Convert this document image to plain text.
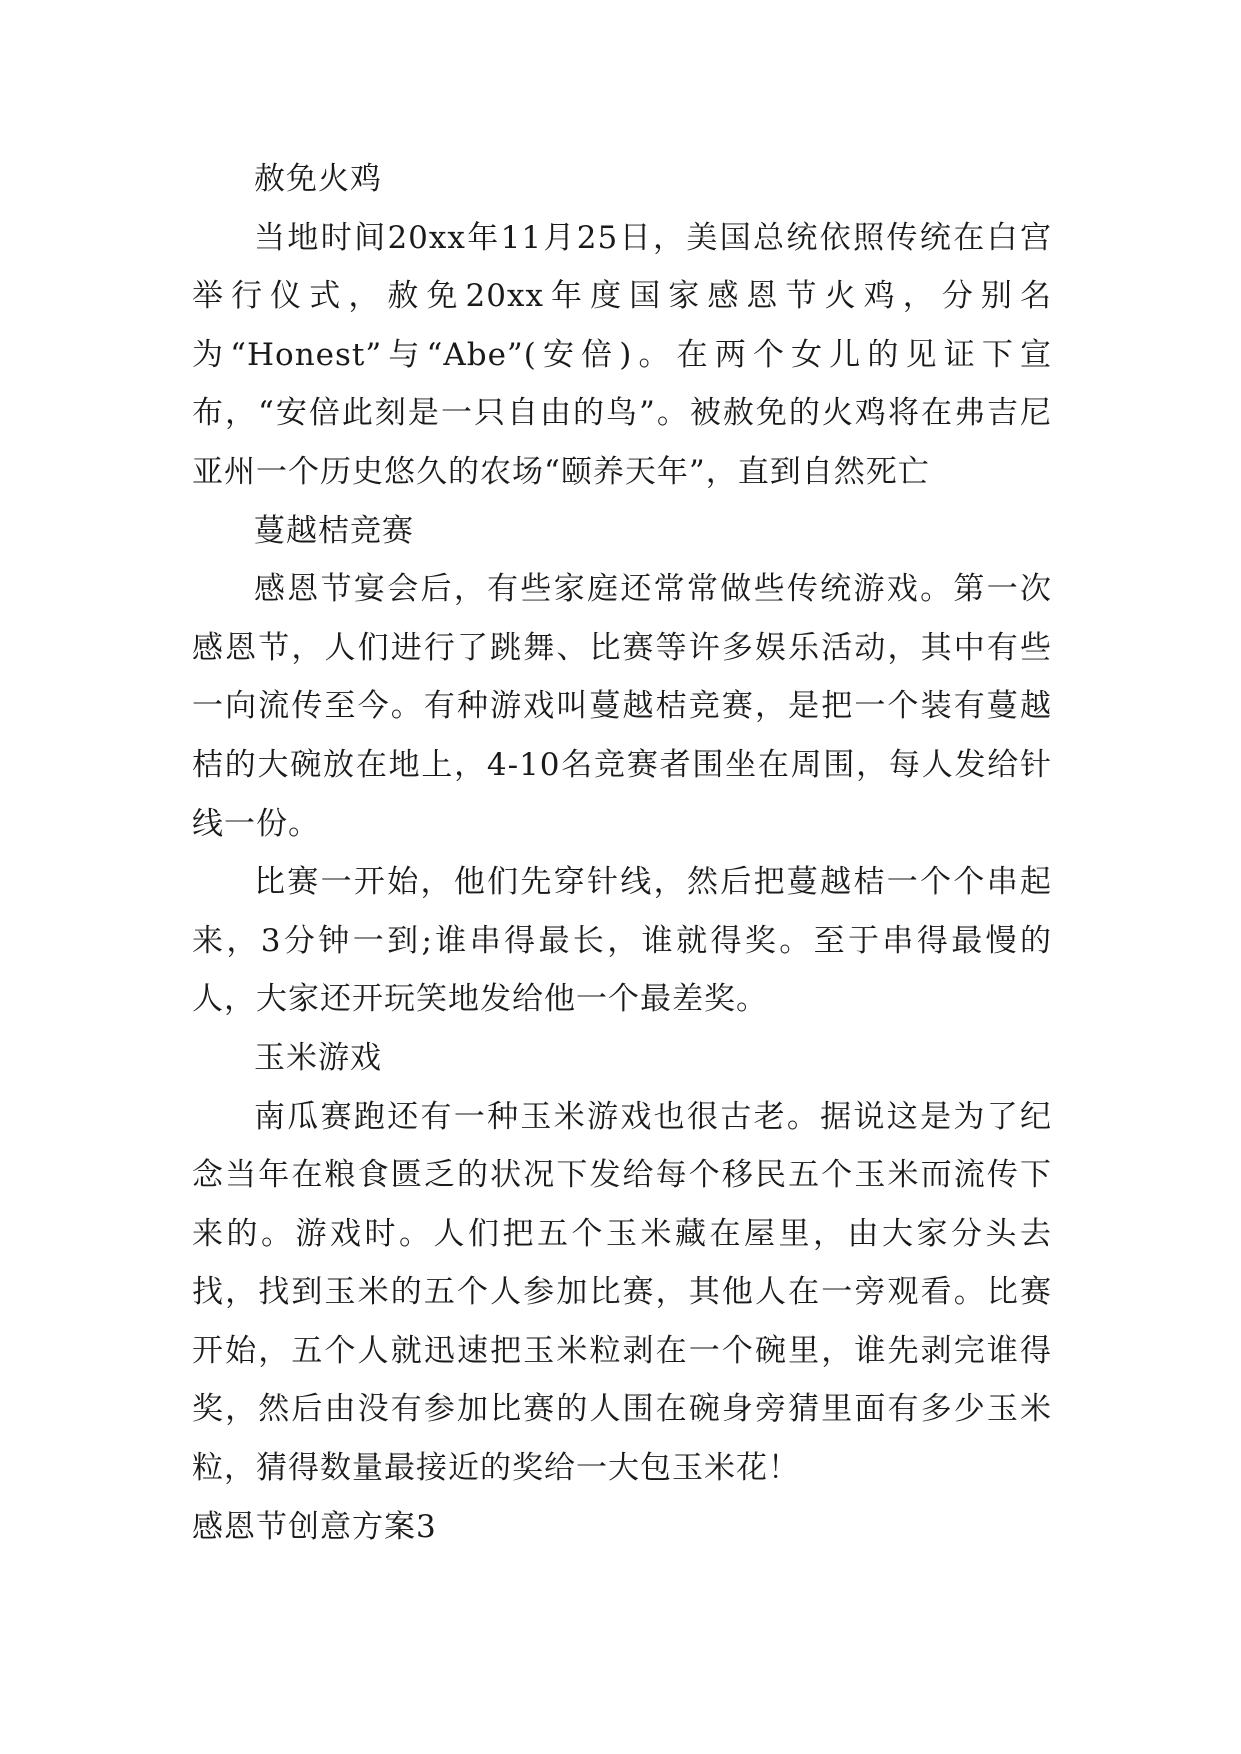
赦免火鸡

当地时间20xx年11月25日，美国总统依照传统在白宫举行仪式，赦免20xx年度国家感恩节火鸡，分别名为“Honest”与“Abe”(安倍)。在两个女儿的见证下宣布，“安倍此刻是一只自由的鸟”。被赦免的火鸡将在弗吉尼亚州一个历史悠久的农场“颐养天年”，直到自然死亡

蔓越桔竞赛

感恩节宴会后，有些家庭还常常做些传统游戏。第一次感恩节，人们进行了跳舞、比赛等许多娱乐活动，其中有些一向流传至今。有种游戏叫蔓越桔竞赛，是把一个装有蔓越桔的大碗放在地上，4-10名竞赛者围坐在周围，每人发给针线一份。

比赛一开始，他们先穿针线，然后把蔓越桔一个个串起来，3分钟一到;谁串得最长，谁就得奖。至于串得最慢的人，大家还开玩笑地发给他一个最差奖。

玉米游戏

南瓜赛跑还有一种玉米游戏也很古老。据说这是为了纪念当年在粮食匮乏的状况下发给每个移民五个玉米而流传下来的。游戏时。人们把五个玉米藏在屋里，由大家分头去找，找到玉米的五个人参加比赛，其他人在一旁观看。比赛开始，五个人就迅速把玉米粒剥在一个碗里，谁先剥完谁得奖，然后由没有参加比赛的人围在碗身旁猜里面有多少玉米粒，猜得数量最接近的奖给一大包玉米花！

感恩节创意方案3
